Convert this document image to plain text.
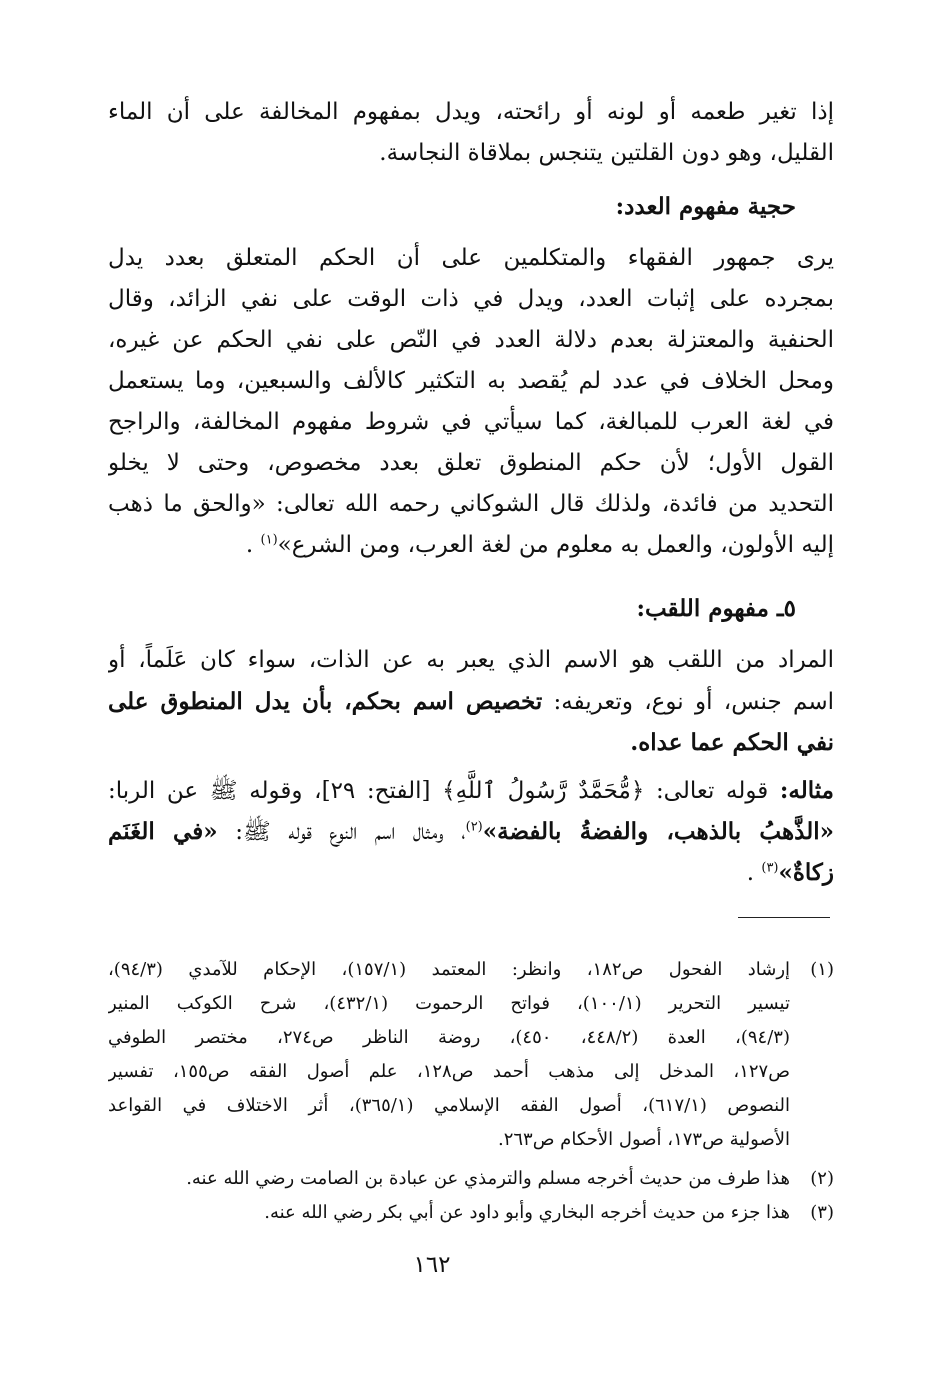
إذا تغير طعمه أو لونه أو رائحته، ويدل بمفهوم المخالفة على أن الماء
القليل، وهو دون القلتين يتنجس بملاقاة النجاسة.
حجية مفهوم العدد:
يرى جمهور الفقهاء والمتكلمين على أن الحكم المتعلق بعدد يدل
بمجرده على إثبات العدد، ويدل في ذات الوقت على نفي الزائد، وقال
الحنفية والمعتزلة بعدم دلالة العدد في النّص على نفي الحكم عن غيره،
ومحل الخلاف في عدد لم يُقصد به التكثير كالألف والسبعين، وما يستعمل
في لغة العرب للمبالغة، كما سيأتي في شروط مفهوم المخالفة، والراجح
القول الأول؛ لأن حكم المنطوق تعلق بعدد مخصوص، وحتى لا يخلو
التحديد من فائدة، ولذلك قال الشوكاني رحمه الله تعالى: «والحق ما ذهب
إليه الأولون، والعمل به معلوم من لغة العرب، ومن الشرع»$^{(١)}$ .
٥ـ مفهوم اللقب:
المراد من اللقب هو الاسم الذي يعبر به عن الذات، سواء كان عَلَماً، أو
اسم جنس، أو نوع، وتعريفه: تخصيص اسم بحكم، بأن يدل المنطوق على
نفي الحكم عما عداه.
مثاله: قوله تعالى: ﴿مُّحَمَّدٌ رَّسُولُ ٱللَّهِ﴾ [الفتح: ٢٩]، وقوله ﷺ عن الربا:
«الذَّهبُ بالذهب، والفضةُ بالفضة»$^{(٢)}$، ومثال اسم النوع قوله ﷺ: «في الغَنَم
زكاةٌ»$^{(٣)}$ .
(١)
إرشاد الفحول ص١٨٢، وانظر: المعتمد (١٥٧/١)، الإحكام للآمدي (٩٤/٣)،
تيسير التحرير (١٠٠/١)، فواتح الرحموت (٤٣٢/١)، شرح الكوكب المنير
(٩٤/٣)، العدة (٤٤٨/٢، ٤٥٠)، روضة الناظر ص٢٧٤، مختصر الطوفي
ص١٢٧، المدخل إلى مذهب أحمد ص١٢٨، علم أصول الفقه ص١٥٥، تفسير
النصوص (٦١٧/١)، أصول الفقه الإسلامي (٣٦٥/١)، أثر الاختلاف في القواعد
الأصولية ص١٧٣، أصول الأحكام ص٢٦٣.
(٢)
هذا طرف من حديث أخرجه مسلم والترمذي عن عبادة بن الصامت رضي الله عنه.
(٣)
هذا جزء من حديث أخرجه البخاري وأبو داود عن أبي بكر رضي الله عنه.
١٦٢
